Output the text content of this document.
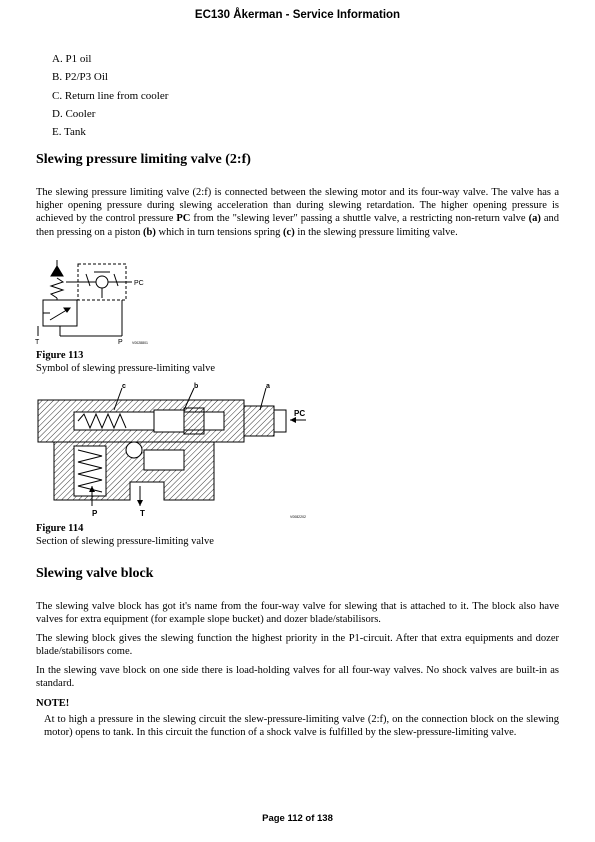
EC130 Åkerman - Service Information
A. P1 oil
B. P2/P3 Oil
C. Return line from cooler
D. Cooler
E. Tank
Slewing pressure limiting valve (2:f)

The slewing pressure limiting valve (2:f) is connected between the slewing motor and its four-way valve. The valve has a higher opening pressure during slewing acceleration than during slewing retardation. The higher opening pressure is achieved by the control pressure PC from the "slewing lever" passing a shuttle valve, a restricting non-return valve (a) and then pressing on a piston (b) which in turn tensions spring (c) in the slewing pressure limiting valve.

PC
T	P	V0028801
Figure 113
Symbol of slewing pressure-limiting valve
c	b	a
PC
P	T	V0082202
Figure 114
Section of slewing pressure-limiting valve
Slewing valve block

The slewing valve block has got it's name from the four-way valve for slewing that is attached to it. The block also have valves for extra equipment (for example slope bucket) and dozer blade/stabilisors.

The slewing block gives the slewing function the highest priority in the P1-circuit. After that extra equipments and dozer blade/stabilisors come.

In the slewing vave block on one side there is load-holding valves for all four-way valves. No shock valves are built-in as standard.

NOTE!

At to high a pressure in the slewing circuit the slew-pressure-limiting valve (2:f), on the connection block on the slewing motor) opens to tank. In this circuit the function of a shock valve is fulfilled by the slew-pressure-limiting valve.

Page 112 of 138
